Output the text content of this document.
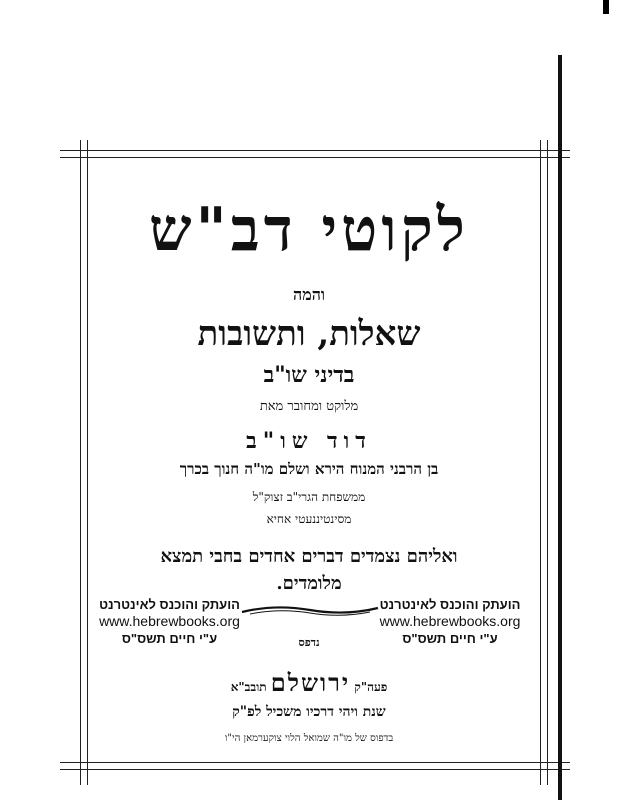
לקוטי דב"ש
והמה
שאלות, ותשובות
בדיני שו"ב
מלוקט ומחובר מאת
דוד שו"ב
בן הרבני המנוח הירא ושלם מו"ה חנוך בכרך
ממשפחת הגרי"ב זצוק"ל
מסינטיננעטי אחיא
ואליהם נצמדים דברים אחדים בחבי תמצא
מלומדים.
הועתק והוכנס לאינטרנט
www.hebrewbooks.org
ע"י חיים תשס"ס
הועתק והוכנס לאינטרנט
www.hebrewbooks.org
ע"י חיים תשס"ס
נדפס
פעה"ק ירושלם תובב"א
שנת ויהי דרכיו משכיל לפ"ק
בדפוס של מו"ה שמואל הלוי צוקערמאן הי"ו
